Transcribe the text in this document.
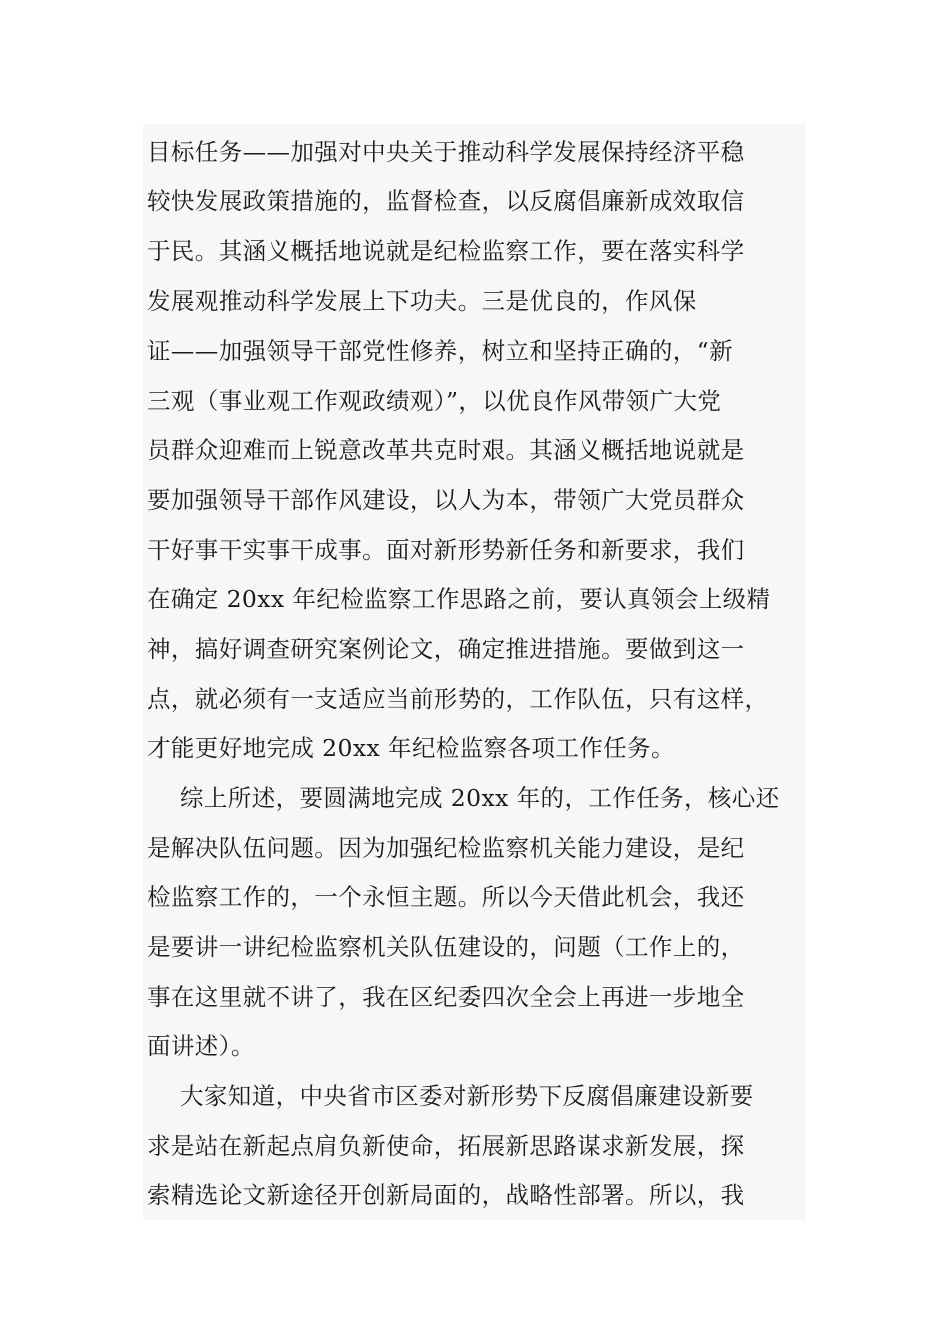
目标任务——加强对中央关于推动科学发展保持经济平稳
较快发展政策措施的，监督检查，以反腐倡廉新成效取信
于民。其涵义概括地说就是纪检监察工作，要在落实科学
发展观推动科学发展上下功夫。三是优良的，作风保
证——加强领导干部党性修养，树立和坚持正确的，“新
三观（事业观工作观政绩观）”，以优良作风带领广大党
员群众迎难而上锐意改革共克时艰。其涵义概括地说就是
要加强领导干部作风建设，以人为本，带领广大党员群众
干好事干实事干成事。面对新形势新任务和新要求，我们
在确定 20xx 年纪检监察工作思路之前，要认真领会上级精
神，搞好调查研究案例论文，确定推进措施。要做到这一
点，就必须有一支适应当前形势的，工作队伍，只有这样，
才能更好地完成 20xx 年纪检监察各项工作任务。
综上所述，要圆满地完成 20xx 年的，工作任务，核心还
是解决队伍问题。因为加强纪检监察机关能力建设，是纪
检监察工作的，一个永恒主题。所以今天借此机会，我还
是要讲一讲纪检监察机关队伍建设的，问题（工作上的，
事在这里就不讲了，我在区纪委四次全会上再进一步地全
面讲述）。
大家知道，中央省市区委对新形势下反腐倡廉建设新要
求是站在新起点肩负新使命，拓展新思路谋求新发展，探
索精选论文新途径开创新局面的，战略性部署。所以，我
